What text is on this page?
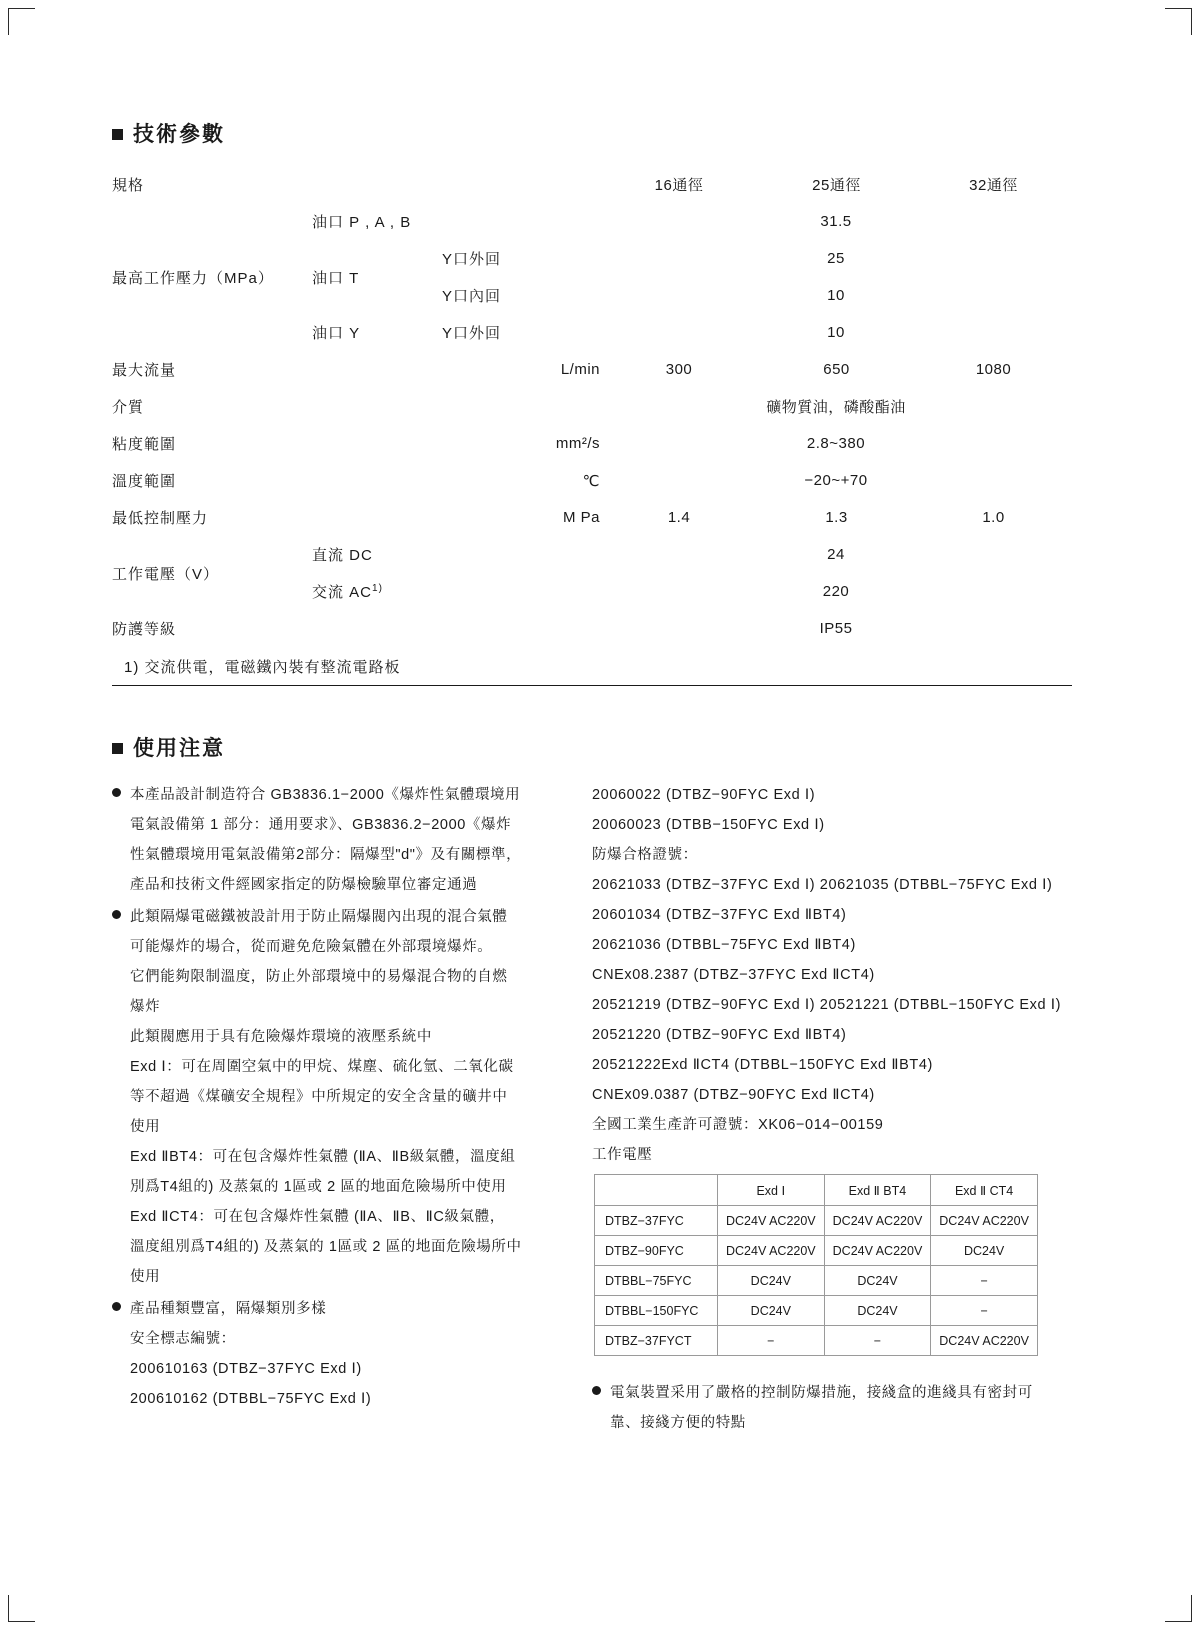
技術參數
規格			16通徑	25通徑	32通徑
最高工作壓力（MPa）	油口 P , A , B		31.5		
	油口 T	Y口外回	25		
		Y口內回	10		
	油口 Y	Y口外回	10		
最大流量		L/min	300	650	1080
介質			礦物質油，磷酸酯油		
粘度範圍		mm²/s	2.8~380		
溫度範圍		℃	−20~+70		
最低控制壓力		M Pa	1.4	1.3	1.0
工作電壓（V）	直流 DC		24		
	交流 AC$^{1)}$		220		
防護等級			IP55		
1) 交流供電，電磁鐵內裝有整流電路板
使用注意
本產品設計制造符合 GB3836.1−2000《爆炸性氣體環境用
電氣設備第 1 部分：通用要求》、GB3836.2−2000《爆炸
性氣體環境用電氣設備第2部分：隔爆型"d"》及有關標準，
產品和技術文件經國家指定的防爆檢驗單位審定通過
此類隔爆電磁鐵被設計用于防止隔爆閥內出現的混合氣體
可能爆炸的場合，從而避免危險氣體在外部環境爆炸。
它們能夠限制溫度，防止外部環境中的易爆混合物的自燃
爆炸
此類閥應用于具有危險爆炸環境的液壓系統中
Exd Ⅰ：可在周圍空氣中的甲烷、煤塵、硫化氫、二氧化碳
等不超過《煤礦安全規程》中所規定的安全含量的礦井中
使用
Exd ⅡBT4：可在包含爆炸性氣體 (ⅡA、ⅡB級氣體，溫度組
別爲T4組的) 及蒸氣的 1區或 2 區的地面危險場所中使用
Exd ⅡCT4：可在包含爆炸性氣體 (ⅡA、ⅡB、ⅡC級氣體，
溫度組別爲T4組的) 及蒸氣的 1區或 2 區的地面危險場所中
使用
產品種類豐富，隔爆類別多樣
安全標志編號：
200610163 (DTBZ−37FYC Exd Ⅰ)
200610162 (DTBBL−75FYC Exd Ⅰ)
20060022 (DTBZ−90FYC Exd Ⅰ)
20060023 (DTBB−150FYC Exd Ⅰ)
防爆合格證號：
20621033 (DTBZ−37FYC Exd Ⅰ) 20621035 (DTBBL−75FYC Exd Ⅰ)
20601034 (DTBZ−37FYC Exd ⅡBT4)
20621036 (DTBBL−75FYC Exd ⅡBT4)
CNEx08.2387 (DTBZ−37FYC Exd ⅡCT4)
20521219 (DTBZ−90FYC Exd Ⅰ) 20521221 (DTBBL−150FYC Exd Ⅰ)
20521220 (DTBZ−90FYC Exd ⅡBT4)
20521222Exd ⅡCT4 (DTBBL−150FYC Exd ⅡBT4)
CNEx09.0387 (DTBZ−90FYC Exd ⅡCT4)
全國工業生產許可證號：XK06−014−00159
工作電壓
	Exd Ⅰ	Exd Ⅱ BT4	Exd Ⅱ CT4
DTBZ−37FYC	DC24V AC220V	DC24V AC220V	DC24V AC220V
DTBZ−90FYC	DC24V AC220V	DC24V AC220V	DC24V
DTBBL−75FYC	DC24V	DC24V	−
DTBBL−150FYC	DC24V	DC24V	−
DTBZ−37FYCT	−	−	DC24V AC220V
電氣裝置采用了嚴格的控制防爆措施，接綫盒的進綫具有密封可
靠、接綫方便的特點
